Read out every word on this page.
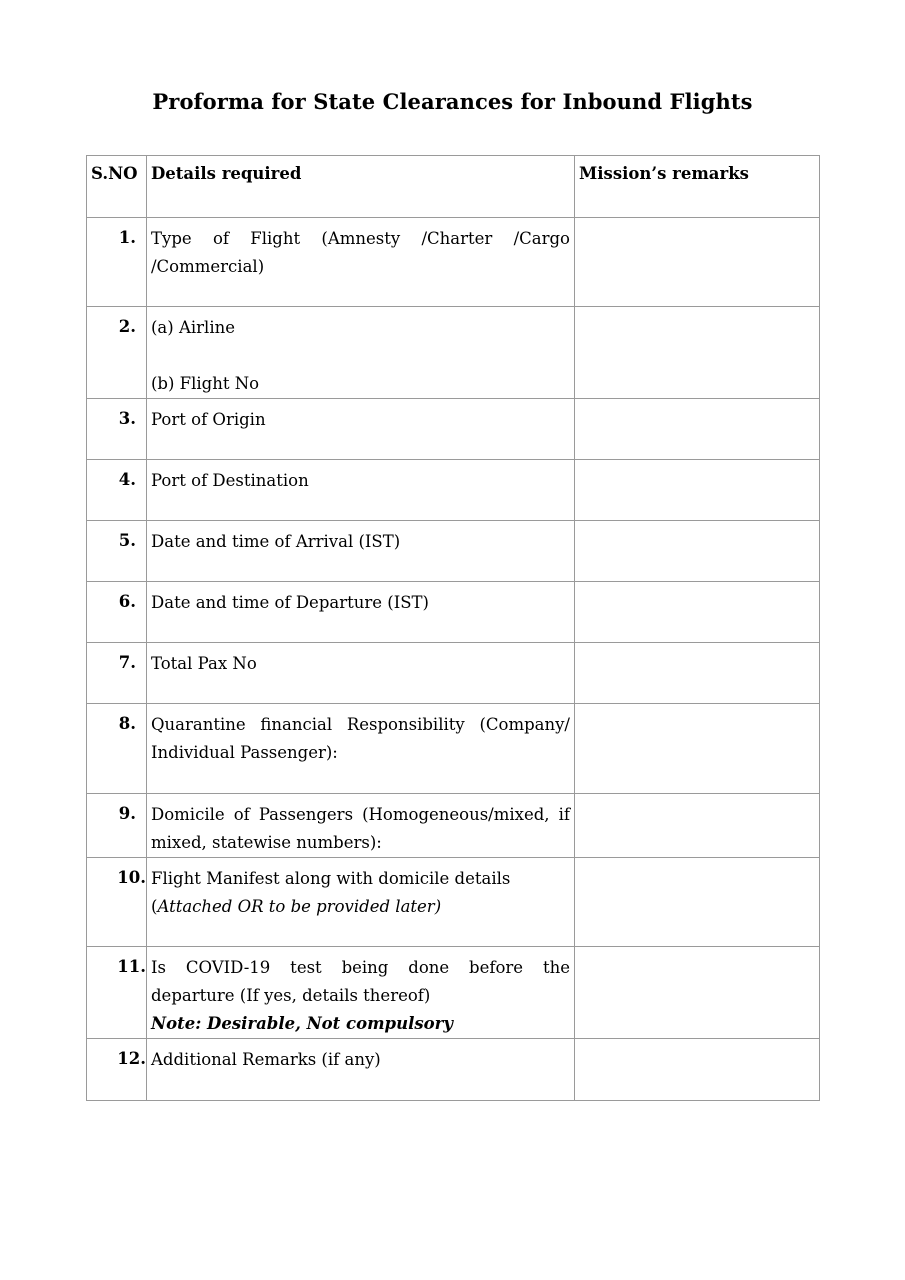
Proforma for State Clearances for Inbound Flights
S.NO	Details required	Mission’s remarks
1.	Type of Flight (Amnesty /Charter /Cargo /Commercial)	
2.	(a) Airline
(b) Flight No	

3.	Port of Origin	
4.	Port of Destination	
5.	Date and time of Arrival (IST)	
6.	Date and time of Departure (IST)	
7.	Total Pax No	
8.	Quarantine financial Responsibility (Company/ Individual Passenger):	
9.	Domicile of Passengers (Homogeneous/mixed, if mixed, statewise numbers):	
10.	Flight Manifest along with domicile details
(Attached OR to be provided later)	

11.	Is COVID-19 test being done before the departure (If yes, details thereof)
Note: Desirable, Not compulsory	

12.	Additional Remarks (if any)	
